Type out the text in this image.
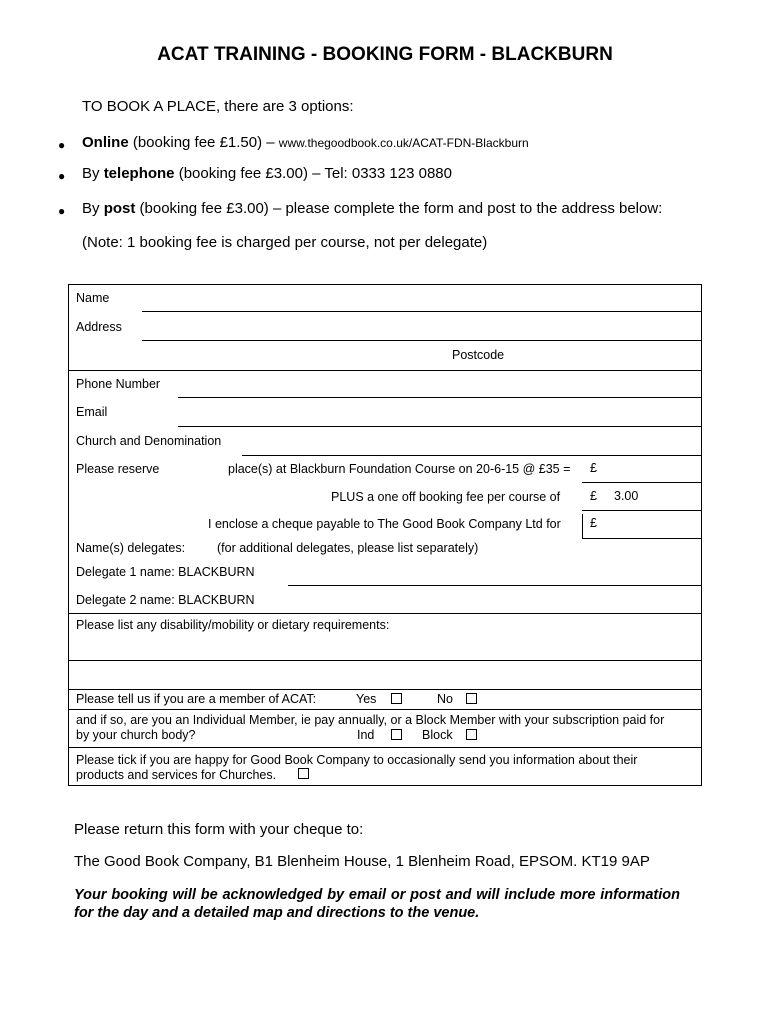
ACAT TRAINING - BOOKING FORM - BLACKBURN
TO BOOK A PLACE, there are 3 options:
● Online (booking fee £1.50) – www.thegoodbook.co.uk/ACAT-FDN-Blackburn
● By telephone (booking fee £3.00) – Tel: 0333 123 0880
● By post (booking fee £3.00) – please complete the form and post to the address below:
(Note: 1 booking fee is charged per course, not per delegate)
Name
Address
Postcode
Phone Number
Email
Church and Denomination
Please reserve	place(s) at Blackburn Foundation Course on 20-6-15 @ £35 = £
PLUS a one off booking fee per course of £ 3.00
I enclose a cheque payable to The Good Book Company Ltd for £
Name(s) delegates:	(for additional delegates, please list separately)
Delegate 1 name: BLACKBURN
Delegate 2 name: BLACKBURN
Please list any disability/mobility or dietary requirements:
Please tell us if you are a member of ACAT:	Yes	No
and if so, are you an Individual Member, ie pay annually, or a Block Member with your subscription paid for
by your church body?	Ind	Block
Please tick if you are happy for Good Book Company to occasionally send you information about their
products and services for Churches.
Please return this form with your cheque to:
The Good Book Company, B1 Blenheim House, 1 Blenheim Road, EPSOM. KT19 9AP
Your booking will be acknowledged by email or post and will include more information for the day and a detailed map and directions to the venue.
